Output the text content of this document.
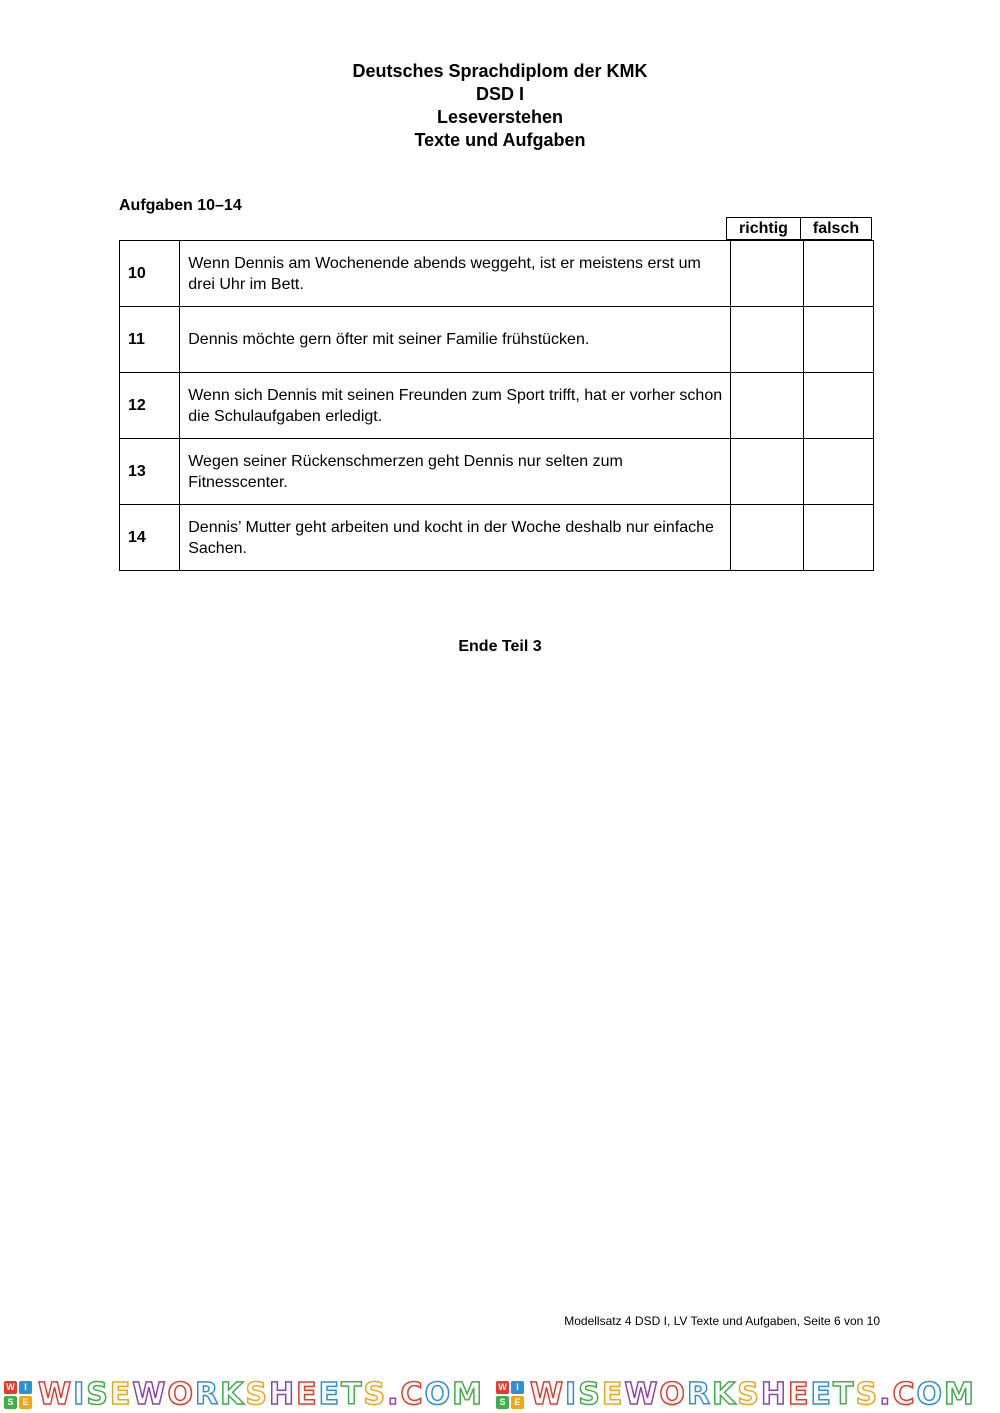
Deutsches Sprachdiplom der KMK
DSD I
Leseverstehen
Texte und Aufgaben
Aufgaben 10–14
richtig	falsch
10	Wenn Dennis am Wochenende abends weggeht, ist er meistens erst um drei Uhr im Bett.		
11	Dennis möchte gern öfter mit seiner Familie frühstücken.		
12	Wenn sich Dennis mit seinen Freunden zum Sport trifft, hat er vorher schon die Schulaufgaben erledigt.		
13	Wegen seiner Rückenschmerzen geht Dennis nur selten zum Fitnesscenter.		
14	Dennis’ Mutter geht arbeiten und kocht in der Woche deshalb nur einfache Sachen.		
Ende Teil 3
Modellsatz 4 DSD I, LV Texte und Aufgaben, Seite 6 von 10
W	I
S E WISEWORKSHEETS.COM W	I
S E WISEWORKSHEETS.COM
